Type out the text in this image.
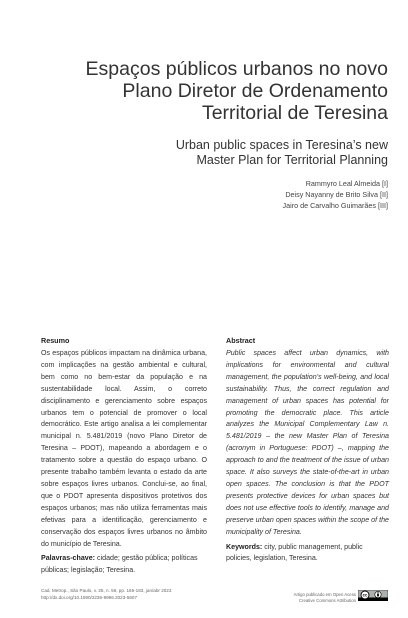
Espaços públicos urbanos no novo
Plano Diretor de Ordenamento
Territorial de Teresina
Urban public spaces in Teresina’s new
Master Plan for Territorial Planning
Rammyro Leal Almeida [I]
Deisy Nayanny de Brito Silva [II]
Jairo de Carvalho Guimarães [III]
Resumo

Os espaços públicos impactam na dinâmica urbana, com implicações na gestão ambiental e cultural, bem como no bem-estar da população e na sustentabilidade local. Assim, o correto disciplinamento e gerenciamento sobre espaços urbanos tem o potencial de promover o local democrático. Este artigo analisa a lei complementar municipal n. 5.481/2019 (novo Plano Diretor de Teresina – PDOT), mapeando a abordagem e o tratamento sobre a questão do espaço urbano. O presente trabalho também levanta o estado da arte sobre espaços livres urbanos. Conclui-se, ao final, que o PDOT apresenta dispositivos protetivos dos espaços urbanos; mas não utiliza ferramentas mais efetivas para a identificação, gerenciamento e conservação dos espaços livres urbanos no âmbito do município de Teresina.

Palavras-chave: cidade; gestão pública; políticas públicas; legislação; Teresina.

Abstract

Public spaces affect urban dynamics, with implications for environmental and cultural management, the population’s well-being, and local sustainability. Thus, the correct regulation and management of urban spaces has potential for promoting the democratic place. This article analyzes the Municipal Complementary Law n. 5.481/2019 – the new Master Plan of Teresina (acronym in Portuguese: PDOT) –, mapping the approach to and the treatment of the issue of urban space. It also surveys the state-of-the-art in urban open spaces. The conclusion is that the PDOT presents protective devices for urban spaces but does not use effective tools to identify, manage and preserve urban open spaces within the scope of the municipality of Teresina.

Keywords: city, public management, public policies, legislation, Teresina.

Cad. Metrop., São Paulo, v. 25, n. 56, pp. 165-183, jan/abr 2023
http://dx.doi.org/10.1590/2236-9996.2023-5607
Artigo publicado em Open Acess
Creative Commons Attribution
cc
